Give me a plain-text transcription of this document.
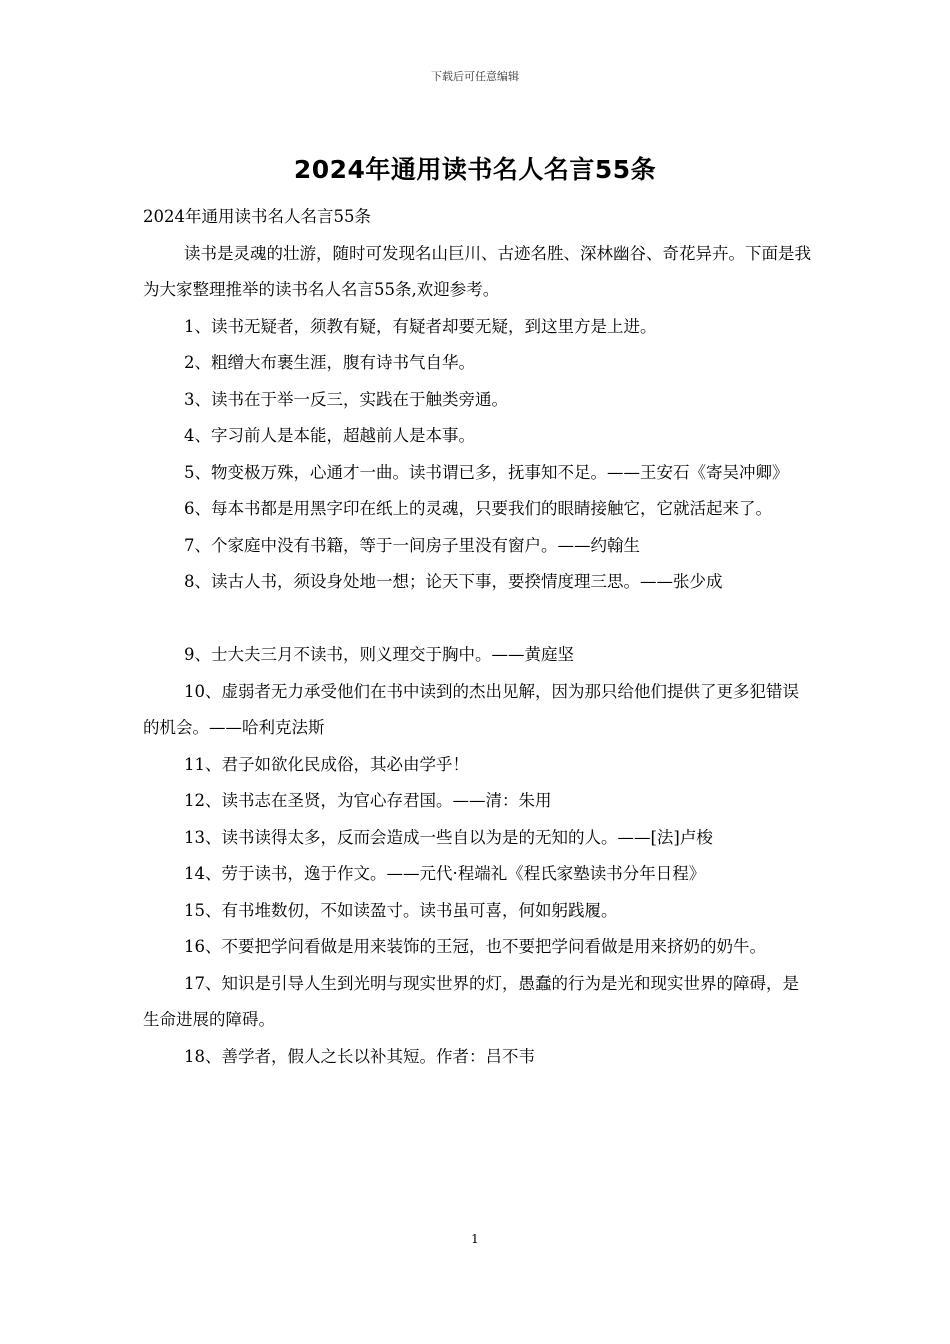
下载后可任意编辑
2024年通用读书名人名言55条

2024年通用读书名人名言55条

读书是灵魂的壮游，随时可发现名山巨川、古迹名胜、深林幽谷、奇花异卉。下面是我为大家整理推举的读书名人名言55条,欢迎参考。

1、读书无疑者，须教有疑，有疑者却要无疑，到这里方是上进。

2、粗缯大布裹生涯，腹有诗书气自华。

3、读书在于举一反三，实践在于触类旁通。

4、字习前人是本能，超越前人是本事。

5、物变极万殊，心通才一曲。读书谓已多，抚事知不足。——王安石《寄吴冲卿》

6、每本书都是用黑字印在纸上的灵魂，只要我们的眼睛接触它，它就活起来了。

7、个家庭中没有书籍，等于一间房子里没有窗户。——约翰生

8、读古人书，须设身处地一想；论天下事，要揆情度理三思。——张少成

9、士大夫三月不读书，则义理交于胸中。——黄庭坚

10、虚弱者无力承受他们在书中读到的杰出见解，因为那只给他们提供了更多犯错误的机会。——哈利克法斯

11、君子如欲化民成俗，其必由学乎！

12、读书志在圣贤，为官心存君国。——清：朱用

13、读书读得太多，反而会造成一些自以为是的无知的人。——[法]卢梭

14、劳于读书，逸于作文。——元代·程端礼《程氏家塾读书分年日程》

15、有书堆数仞，不如读盈寸。读书虽可喜，何如躬践履。

16、不要把学问看做是用来装饰的王冠，也不要把学问看做是用来挤奶的奶牛。

17、知识是引导人生到光明与现实世界的灯，愚蠢的行为是光和现实世界的障碍，是生命进展的障碍。

18、善学者，假人之长以补其短。作者：吕不韦

1
